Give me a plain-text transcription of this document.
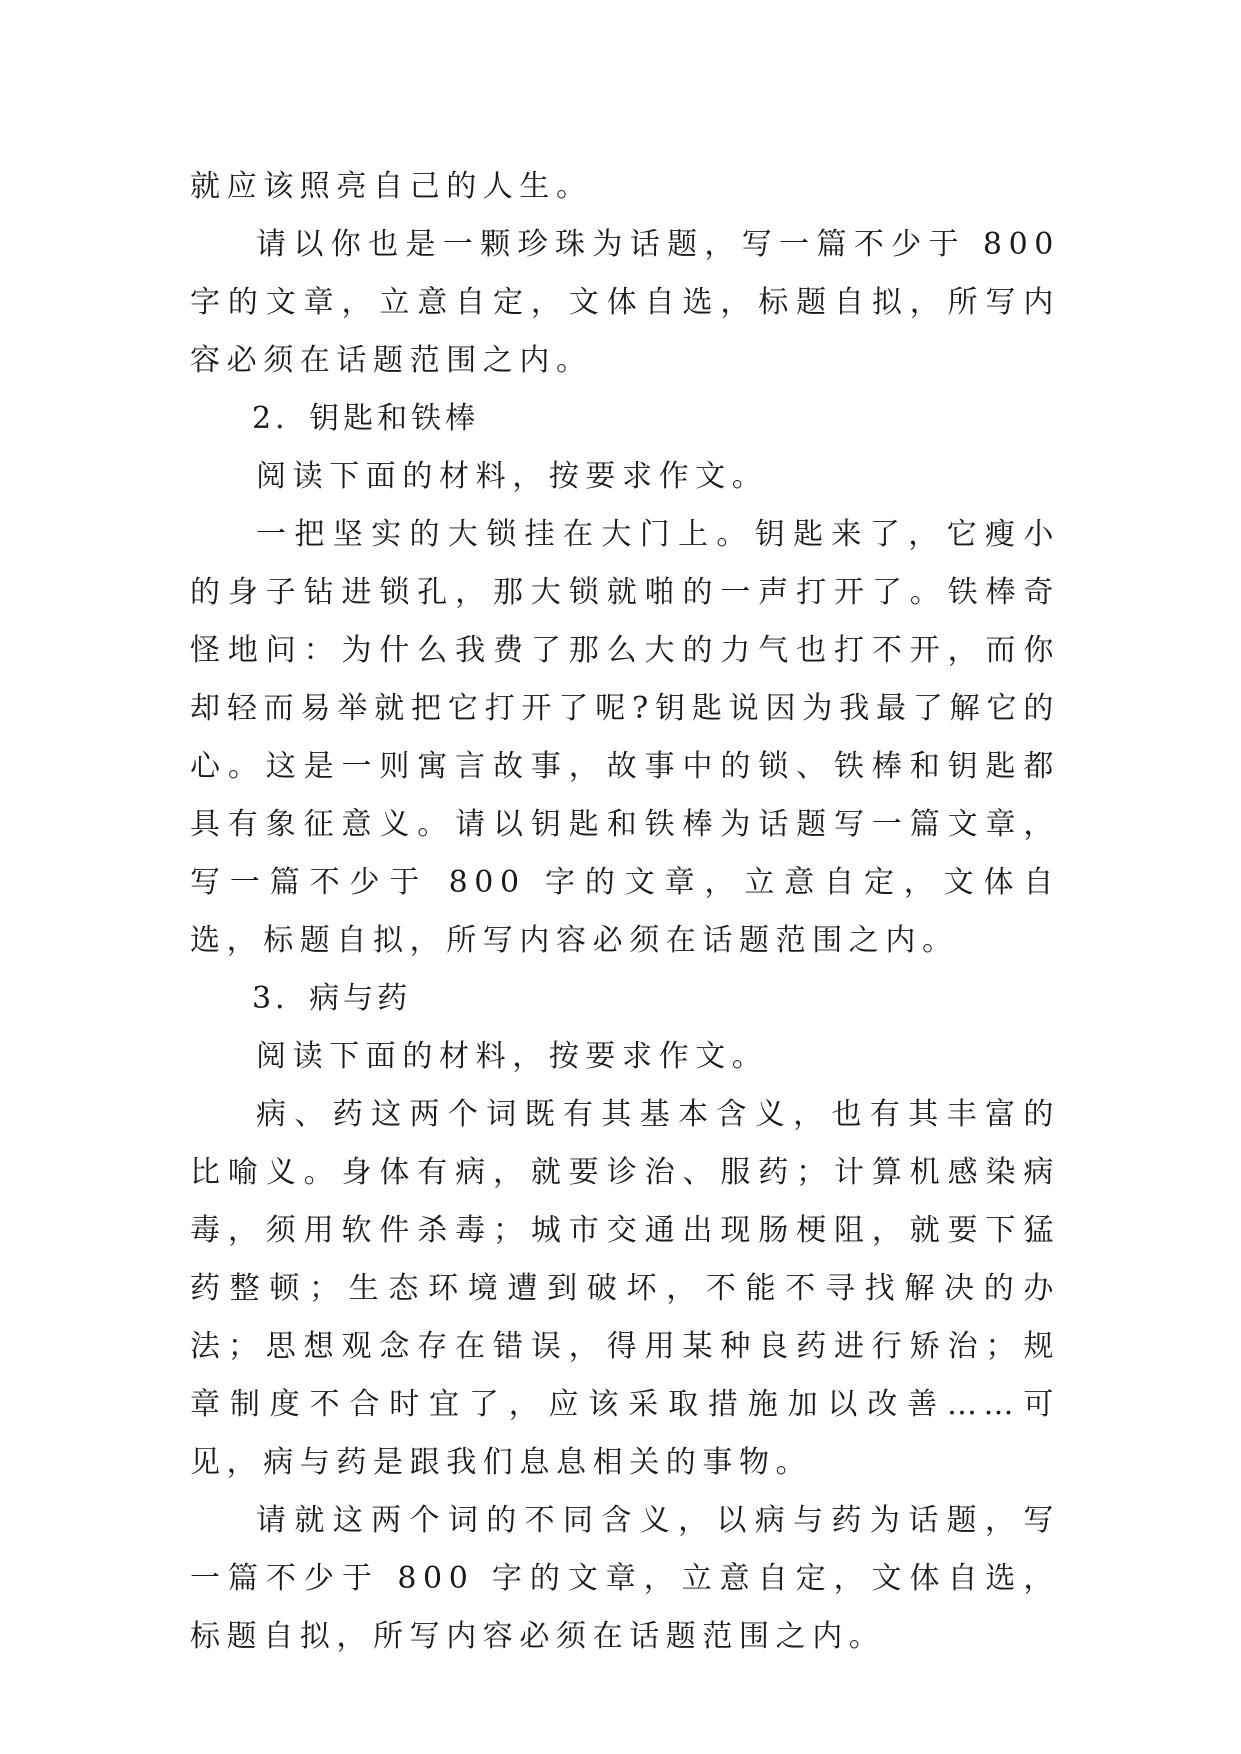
就应该照亮自己的人生。

请以你也是一颗珍珠为话题，写一篇不少于 800 字的文章，立意自定，文体自选，标题自拟，所写内容必须在话题范围之内。

2．钥匙和铁棒

阅读下面的材料，按要求作文。

一把坚实的大锁挂在大门上。钥匙来了，它瘦小的身子钻进锁孔，那大锁就啪的一声打开了。铁棒奇怪地问：为什么我费了那么大的力气也打不开，而你却轻而易举就把它打开了呢?钥匙说因为我最了解它的心。这是一则寓言故事，故事中的锁、铁棒和钥匙都具有象征意义。请以钥匙和铁棒为话题写一篇文章，写一篇不少于 800 字的文章，立意自定，文体自选，标题自拟，所写内容必须在话题范围之内。

3．病与药

阅读下面的材料，按要求作文。

病、药这两个词既有其基本含义，也有其丰富的比喻义。身体有病，就要诊治、服药；计算机感染病毒，须用软件杀毒；城市交通出现肠梗阻，就要下猛药整顿；生态环境遭到破坏，不能不寻找解决的办法；思想观念存在错误，得用某种良药进行矫治；规章制度不合时宜了，应该采取措施加以改善……可见，病与药是跟我们息息相关的事物。

请就这两个词的不同含义，以病与药为话题，写一篇不少于 800 字的文章，立意自定，文体自选，标题自拟，所写内容必须在话题范围之内。
